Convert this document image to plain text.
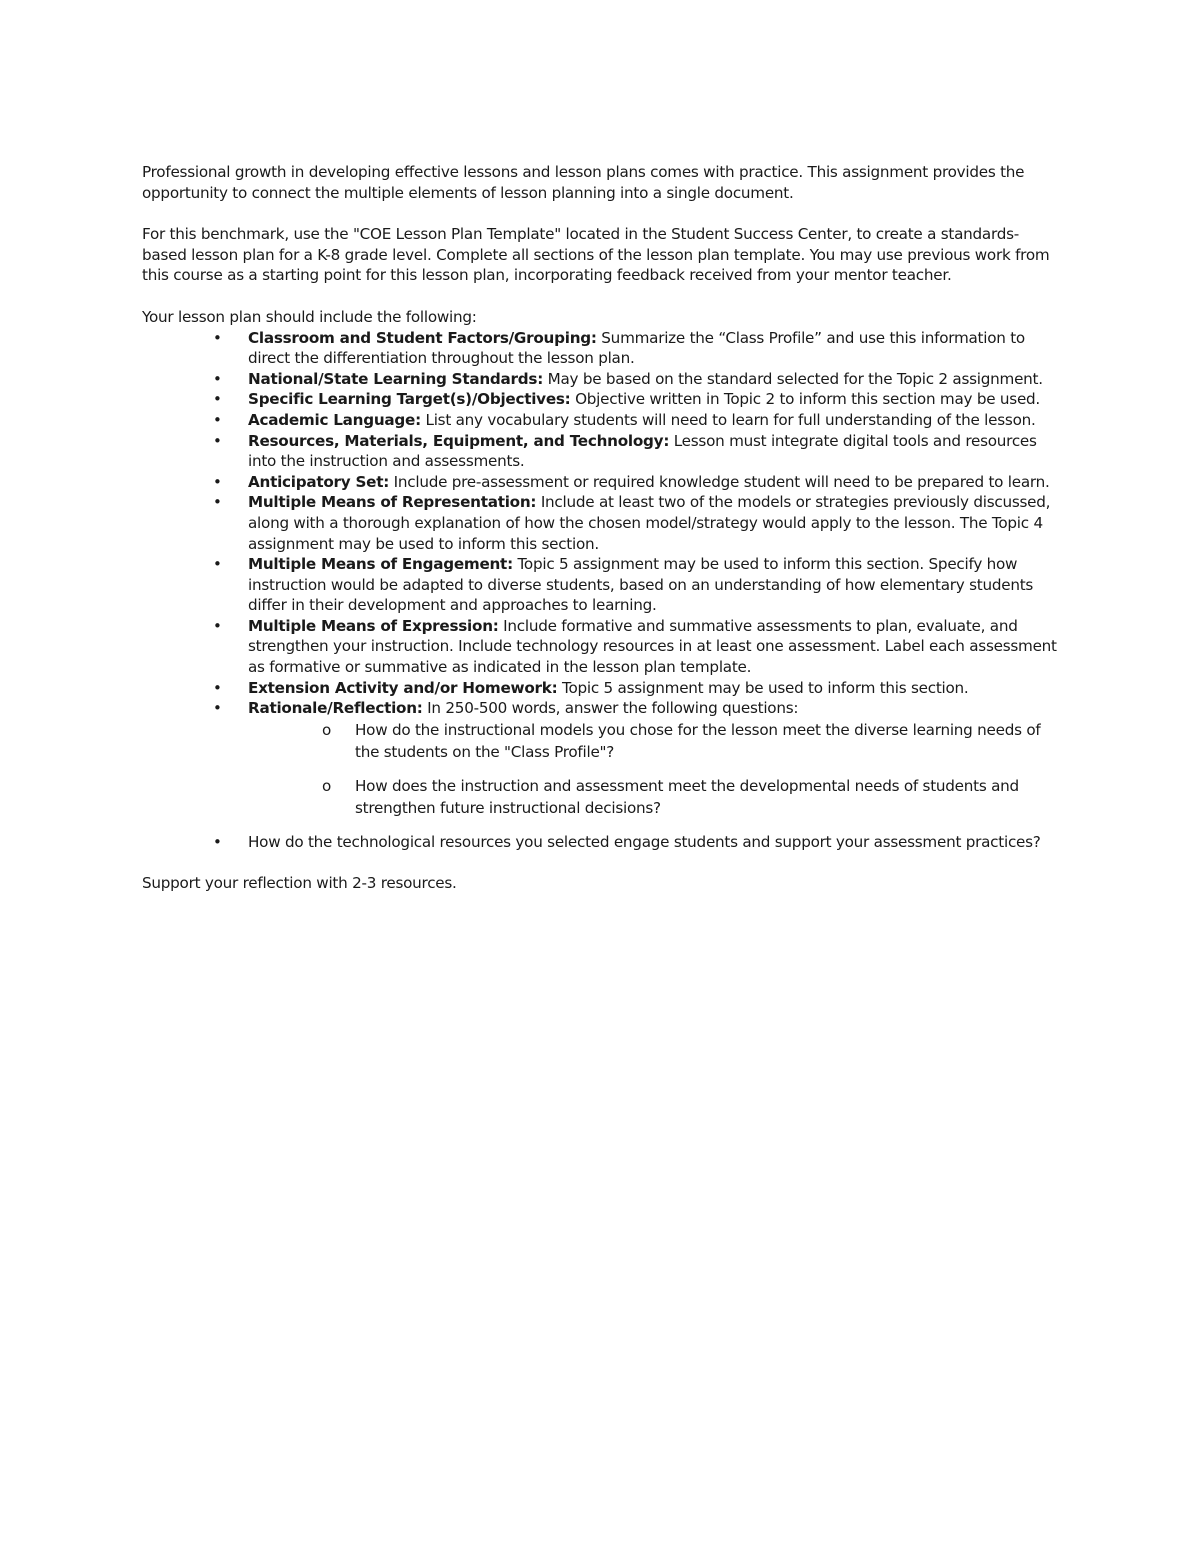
Professional growth in developing effective lessons and lesson plans comes with practice. This assignment provides the opportunity to connect the multiple elements of lesson planning into a single document.

For this benchmark, use the "COE Lesson Plan Template" located in the Student Success Center, to create a standards-based lesson plan for a K-8 grade level. Complete all sections of the lesson plan template. You may use previous work from this course as a starting point for this lesson plan, incorporating feedback received from your mentor teacher.

Your lesson plan should include the following:

• Classroom and Student Factors/Grouping: Summarize the “Class Profile” and use this information to direct the differentiation throughout the lesson plan.
• National/State Learning Standards: May be based on the standard selected for the Topic 2 assignment.
• Specific Learning Target(s)/Objectives: Objective written in Topic 2 to inform this section may be used.
• Academic Language: List any vocabulary students will need to learn for full understanding of the lesson.
• Resources, Materials, Equipment, and Technology: Lesson must integrate digital tools and resources into the instruction and assessments.
• Anticipatory Set: Include pre-assessment or required knowledge student will need to be prepared to learn.
• Multiple Means of Representation: Include at least two of the models or strategies previously discussed, along with a thorough explanation of how the chosen model/strategy would apply to the lesson. The Topic 4 assignment may be used to inform this section.
• Multiple Means of Engagement: Topic 5 assignment may be used to inform this section. Specify how instruction would be adapted to diverse students, based on an understanding of how elementary students differ in their development and approaches to learning.
• Multiple Means of Expression: Include formative and summative assessments to plan, evaluate, and strengthen your instruction. Include technology resources in at least one assessment. Label each assessment as formative or summative as indicated in the lesson plan template.
• Extension Activity and/or Homework: Topic 5 assignment may be used to inform this section.
• Rationale/Reflection: In 250-500 words, answer the following questions:
o How do the instructional models you chose for the lesson meet the diverse learning needs of the students on the "Class Profile"?
o How does the instruction and assessment meet the developmental needs of students and strengthen future instructional decisions?
• How do the technological resources you selected engage students and support your assessment practices?

Support your reflection with 2-3 resources.
